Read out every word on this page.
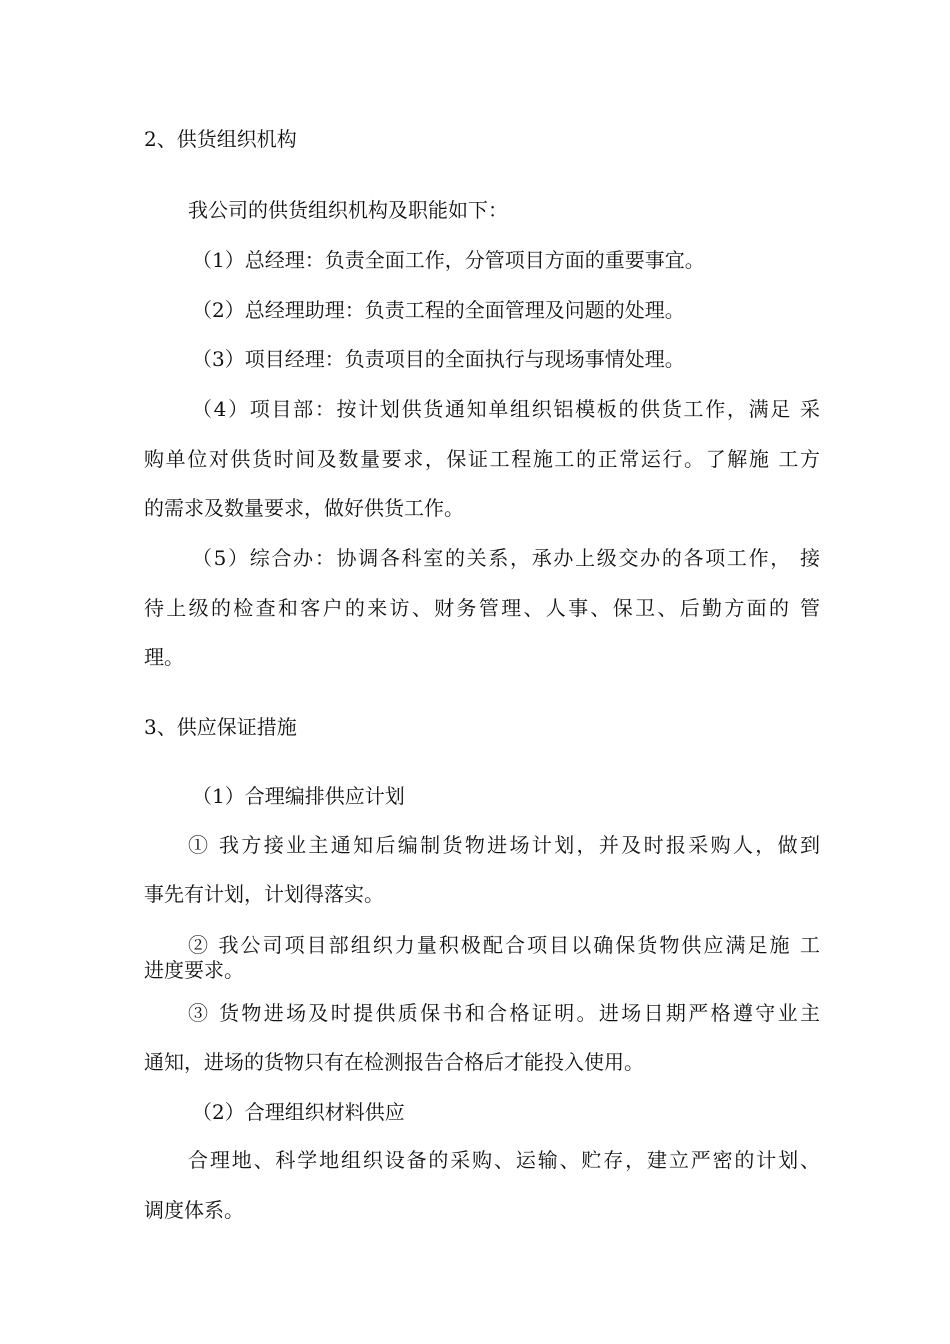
2、供货组织机构
我公司的供货组织机构及职能如下：
（1）总经理：负责全面工作，分管项目方面的重要事宜。
（2）总经理助理：负责工程的全面管理及问题的处理。
（3）项目经理：负责项目的全面执行与现场事情处理。
（4）项目部：按计划供货通知单组织铝模板的供货工作，满足 采
购单位对供货时间及数量要求，保证工程施工的正常运行。了解施 工方
的需求及数量要求，做好供货工作。
（5）综合办：协调各科室的关系，承办上级交办的各项工作， 接
待上级的检查和客户的来访、财务管理、人事、保卫、后勤方面的 管
理。
3、供应保证措施
（1）合理编排供应计划
① 我方接业主通知后编制货物进场计划，并及时报采购人，做到
事先有计划，计划得落实。
② 我公司项目部组织力量积极配合项目以确保货物供应满足施 工
进度要求。
③ 货物进场及时提供质保书和合格证明。进场日期严格遵守业主
通知，进场的货物只有在检测报告合格后才能投入使用。
（2）合理组织材料供应
合理地、科学地组织设备的采购、运输、贮存，建立严密的计划、
调度体系。
